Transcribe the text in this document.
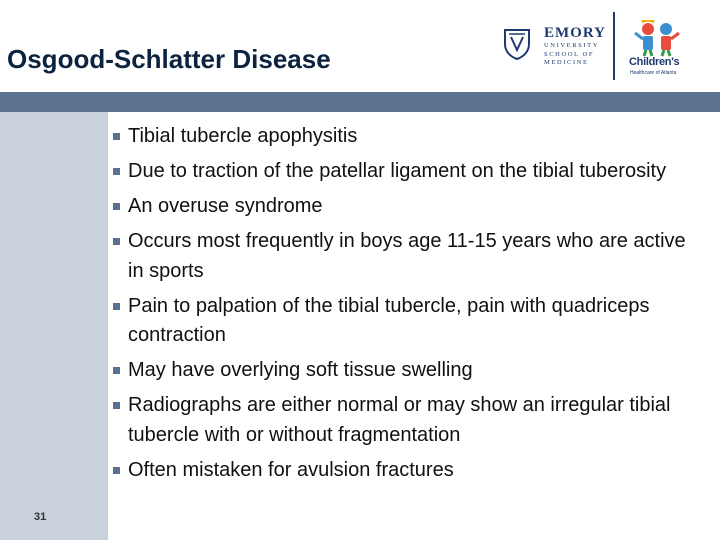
Osgood-Schlatter Disease
EMORY
UNIVERSITY
SCHOOL OF
MEDICINE	Children's
Healthcare of Atlanta
Tibial tubercle apophysitis
Due to traction of the patellar ligament on the tibial tuberosity
An overuse syndrome
Occurs most frequently in boys age 11-15 years who are active in sports
Pain to palpation of the tibial tubercle, pain with quadriceps contraction
May have overlying soft tissue swelling
Radiographs are either normal or may show an irregular tibial tubercle with or without fragmentation
Often mistaken for avulsion fractures
31
